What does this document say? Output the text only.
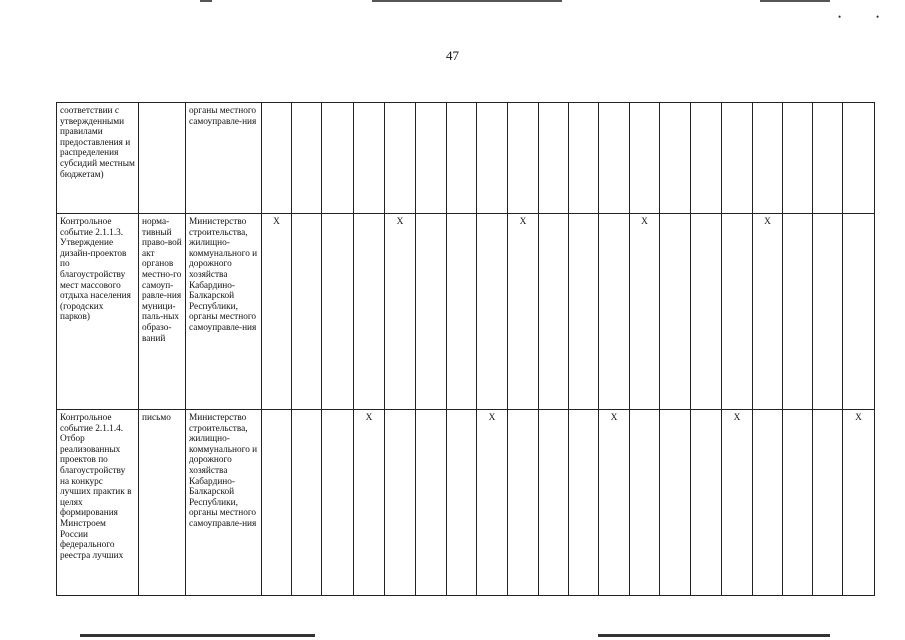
•	•
47
соответствии с утвержденными правилами предоставления и распределения субсидий местным бюджетам)		органы местного самоуправле-ния																				
Контрольное событие 2.1.1.3. Утверждение дизайн-проектов по благоустройству мест массового отдыха населения (городских парков)	норма-тивный право-вой акт органов местно-го самоуп-равле-ния муници-паль-ных образо-ваний	Министерство строительства, жилищно-коммунального и дорожного хозяйства Кабардино-Балкарской Республики, органы местного самоуправле-ния	X				X				X				X				X			
Контрольное событие 2.1.1.4. Отбор реализованных проектов по благоустройству на конкурс лучших практик в целях формирования Минстроем России федерального реестра лучших	письмо	Министерство строительства, жилищно-коммунального и дорожного хозяйства Кабардино-Балкарской Республики, органы местного самоуправле-ния				X				X				X				X				X
